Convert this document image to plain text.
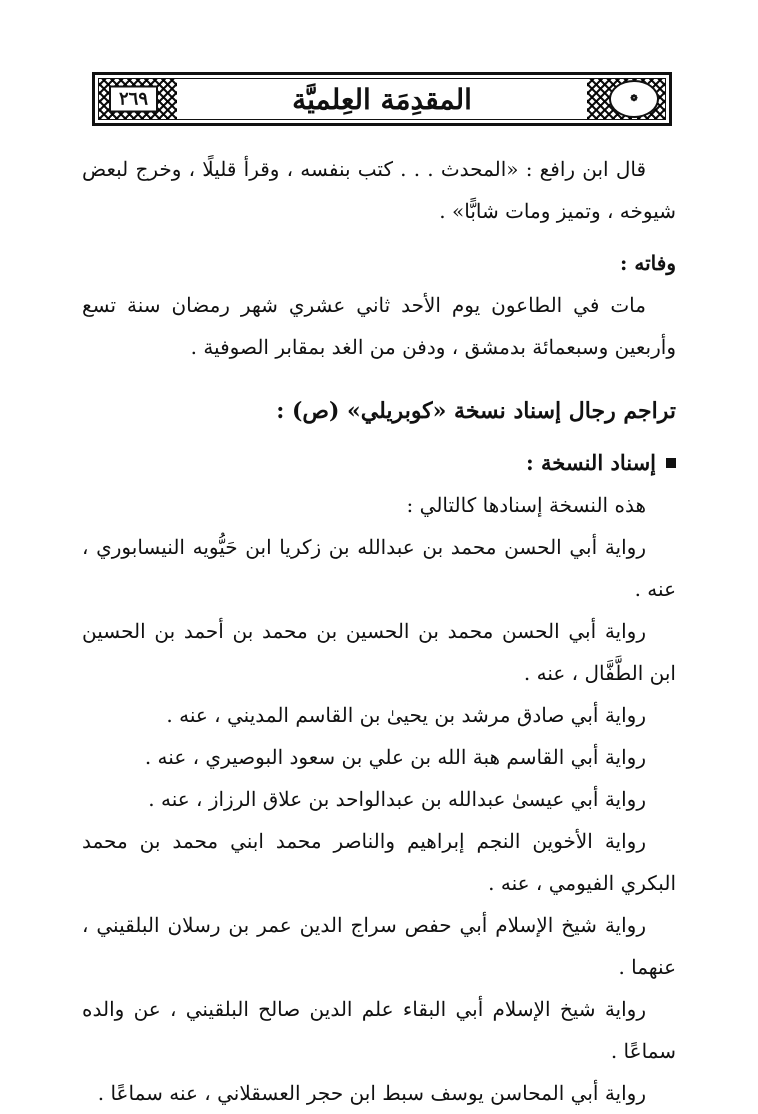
٢٦٩	المقدِمَة العِلميَّة	❁

قال ابن رافع : «المحدث . . . كتب بنفسه ، وقرأ قليلًا ، وخرج لبعض شيوخه ، وتميز ومات شابًّا» .

وفاته :

مات في الطاعون يوم الأحد ثاني عشري شهر رمضان سنة تسع وأربعين وسبعمائة بدمشق ، ودفن من الغد بمقابر الصوفية .

تراجم رجال إسناد نسخة «كوبريلي» (ص) :

إسناد النسخة :

هذه النسخة إسنادها كالتالي :

رواية أبي الحسن محمد بن عبدالله بن زكريا ابن حَيُّويه النيسابوري ، عنه .

رواية أبي الحسن محمد بن الحسين بن محمد بن أحمد بن الحسين ابن الطَّفَّال ، عنه .

رواية أبي صادق مرشد بن يحيىٰ بن القاسم المديني ، عنه .

رواية أبي القاسم هبة الله بن علي بن سعود البوصيري ، عنه .

رواية أبي عيسىٰ عبدالله بن عبدالواحد بن علاق الرزاز ، عنه .

رواية الأخوين النجم إبراهيم والناصر محمد ابني محمد بن محمد البكري الفيومي ، عنه .

رواية شيخ الإسلام أبي حفص سراج الدين عمر بن رسلان البلقيني ، عنهما .

رواية شيخ الإسلام أبي البقاء علم الدين صالح البلقيني ، عن والده سماعًا .

رواية أبي المحاسن يوسف سبط ابن حجر العسقلاني ، عنه سماعًا .
